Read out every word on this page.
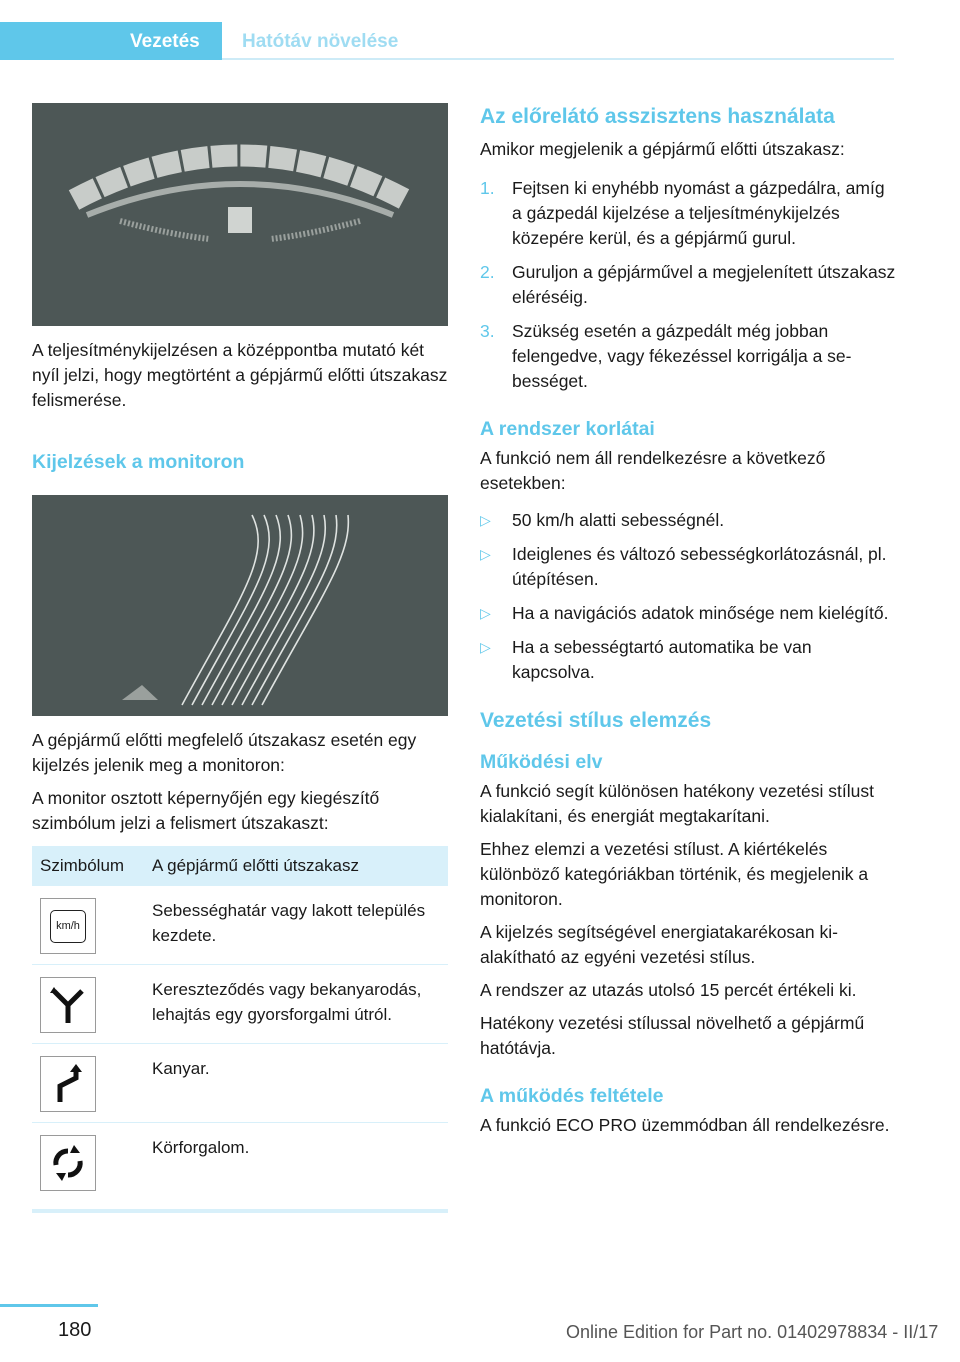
Vezetés Hatótáv növelése

A teljesítménykijelzésen a középpontba mutató két nyíl jelzi, hogy megtörtént a gépjármű előtti útszakasz felismerése.

Kijelzések a monitoron

A gépjármű előtti megfelelő útszakasz esetén egy kijelzés jelenik meg a monitoron:

A monitor osztott képernyőjén egy kiegészítő szimbólum jelzi a felismert útszakaszt:

Szimbólum	A gépjármű előtti útszakasz

km/h	Sebességhatár vagy lakott település kezdete.

	Kereszteződés vagy bekanyarodás, lehajtás egy gyorsforgalmi útról.

	Kanyar.

	Körforgalom.
Az előrelátó asszisztens használata

Amikor megjelenik a gépjármű előtti útszakasz:

1. Fejtsen ki enyhébb nyomást a gázpedálra, amíg a gázpedál kijelzése a teljesítménykijelzés közepére kerül, és a gépjármű gurul.
2. Guruljon a gépjárművel a megjelenített útszakasz eléréséig.
3. Szükség esetén a gázpedált még jobban felengedve, vagy fékezéssel korrigálja a sebességet.
A rendszer korlátai

A funkció nem áll rendelkezésre a következő esetekben:

▷ 50 km/h alatti sebességnél.
▷ Ideiglenes és változó sebességkorlátozásnál, pl. útépítésen.
▷ Ha a navigációs adatok minősége nem kielégítő.
▷ Ha a sebességtartó automatika be van kapcsolva.
Vezetési stílus elemzés
Működési elv

A funkció segít különösen hatékony vezetési stílust kialakítani, és energiát megtakarítani.

Ehhez elemzi a vezetési stílust. A kiértékelés különböző kategóriákban történik, és megjelenik a monitoron.

A kijelzés segítségével energiatakarékosan kialakítható az egyéni vezetési stílus.

A rendszer az utazás utolsó 15 percét értékeli ki.

Hatékony vezetési stílussal növelhető a gépjármű hatótávja.

A működés feltétele

A funkció ECO PRO üzemmódban áll rendelkezésre.

180	Online Edition for Part no. 01402978834 - II/17
